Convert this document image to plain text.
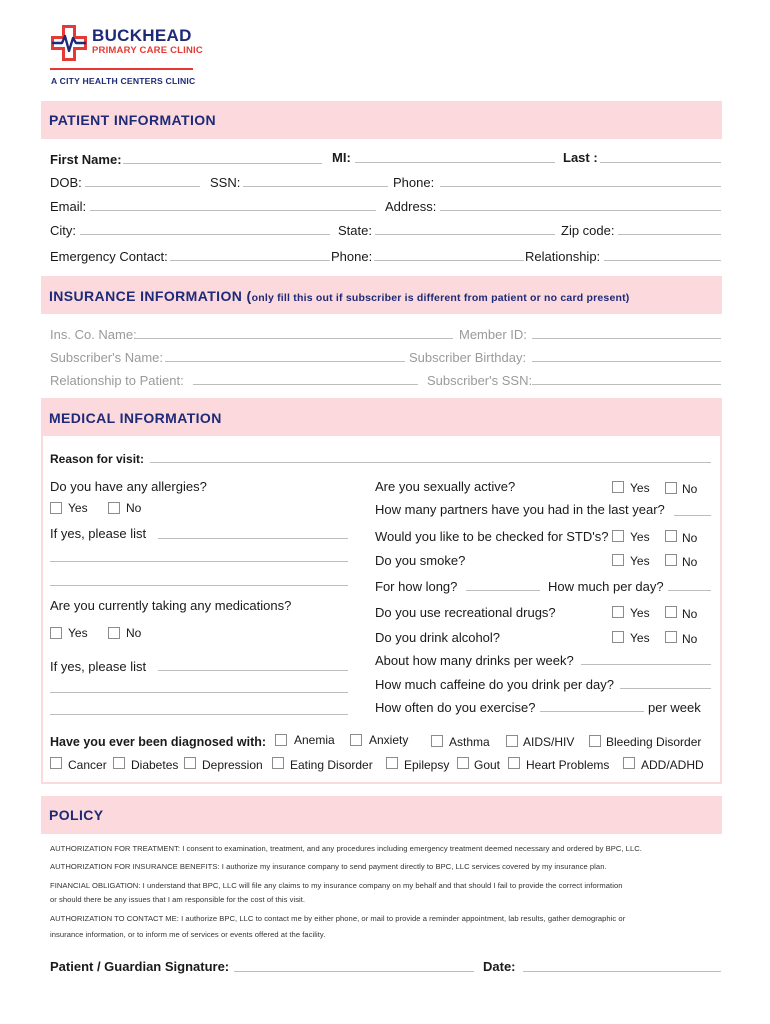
BUCKHEAD
PRIMARY CARE CLINIC
A CITY HEALTH CENTERS CLINIC
PATIENT INFORMATION
First Name:	MI:	Last :
DOB:	SSN:	Phone:
Email:	Address:
City:	State:	Zip code:
Emergency Contact:	Phone:	Relationship:
INSURANCE INFORMATION (only fill this out if subscriber is different from patient or no card present)
Ins. Co. Name:	Member ID:
Subscriber's Name:	Subscriber Birthday:
Relationship to Patient:	Subscriber's SSN:
MEDICAL INFORMATION
Reason for visit:
Do you have any allergies?
Yes	No
If yes, please list
Are you currently taking any medications?
Yes	No
If yes, please list
Are you sexually active?	Yes	No
How many partners have you had in the last year?
Would you like to be checked for STD's? Yes	No
Do you smoke?	Yes	No
For how long?	How much per day?
Do you use recreational drugs?	Yes	No
Do you drink alcohol?	Yes	No
About how many drinks per week?
How much caffeine do you drink per day?
How often do you exercise?	per week
Have you ever been diagnosed with: Anemia	Anxiety	Asthma	AIDS/HIV	Bleeding Disorder
Cancer Diabetes Depression Eating Disorder	Epilepsy Gout Heart Problems	ADD/ADHD
POLICY
AUTHORIZATION FOR TREATMENT: I consent to examination, treatment, and any procedures including emergency treatment deemed necessary and ordered by BPC, LLC.
AUTHORIZATION FOR INSURANCE BENEFITS: I authorize my insurance company to send payment directly to BPC, LLC services covered by my insurance plan.
FINANCIAL OBLIGATION: I understand that BPC, LLC will file any claims to my insurance company on my behalf and that should I fail to provide the correct information
or should there be any issues that I am responsible for the cost of this visit.
AUTHORIZATION TO CONTACT ME: I authorize BPC, LLC to contact me by either phone, or mail to provide a reminder appointment, lab results, gather demographic or
insurance information, or to inform me of services or events offered at the facility.
Patient / Guardian Signature:	Date:
